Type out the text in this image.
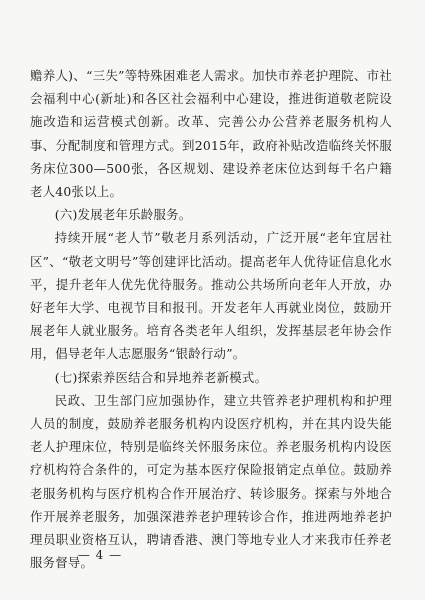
赡养人)、“三失”等特殊困难老人需求。加快市养老护理院、市社会福利中心(新址)和各区社会福利中心建设，推进街道敬老院设施改造和运营模式创新。改革、完善公办公营养老服务机构人事、分配制度和管理方式。到2015年，政府补贴改造临终关怀服务床位300—500张，各区规划、建设养老床位达到每千名户籍老人40张以上。

(六)发展老年乐龄服务。

持续开展“老人节”敬老月系列活动，广泛开展“老年宜居社区”、“敬老文明号”等创建评比活动。提高老年人优待证信息化水平，提升老年人优先优待服务。推动公共场所向老年人开放，办好老年大学、电视节目和报刊。开发老年人再就业岗位，鼓励开展老年人就业服务。培育各类老年人组织，发挥基层老年协会作用，倡导老年人志愿服务“银龄行动”。

(七)探索养医结合和异地养老新模式。

民政、卫生部门应加强协作，建立共管养老护理机构和护理人员的制度，鼓励养老服务机构内设医疗机构，并在其内设失能老人护理床位，特别是临终关怀服务床位。养老服务机构内设医疗机构符合条件的，可定为基本医疗保险报销定点单位。鼓励养老服务机构与医疗机构合作开展治疗、转诊服务。探索与外地合作开展养老服务，加强深港养老护理转诊合作，推进两地养老护理员职业资格互认，聘请香港、澳门等地专业人才来我市任养老服务督导。

— 4 —
